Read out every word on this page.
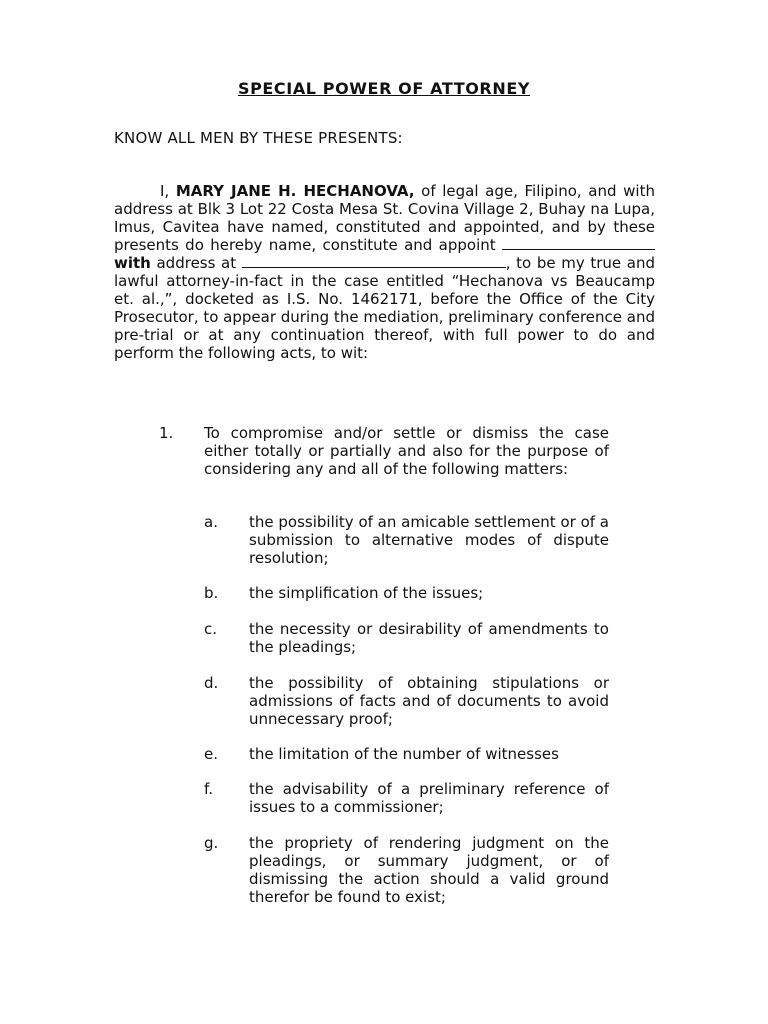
SPECIAL POWER OF ATTORNEY
KNOW ALL MEN BY THESE PRESENTS:
I, MARY JANE H. HECHANOVA, of legal age, Filipino, and with address at Blk 3 Lot 22 Costa Mesa St. Covina Village 2, Buhay na Lupa, Imus, Cavitea have named, constituted and appointed, and by these presents do hereby name, constitute and appoint  with address at	, to be my true and lawful attorney-in-fact in the case entitled “Hechanova vs Beaucamp et. al.,”, docketed as I.S. No. 1462171, before the Office of the City Prosecutor, to appear during the mediation, preliminary conference and pre-trial or at any continuation thereof, with full power to do and perform the following acts, to wit:
1. To compromise and/or settle or dismiss the case either totally or partially and also for the purpose of considering any and all of the following matters:
a. the possibility of an amicable settlement or of a submission to alternative modes of dispute resolution;
b. the simplification of the issues;
c. the necessity or desirability of amendments to the pleadings;
d. the possibility of obtaining stipulations or admissions of facts and of documents to avoid unnecessary proof;
e. the limitation of the number of witnesses
f. the advisability of a preliminary reference of issues to a commissioner;
g. the propriety of rendering judgment on the pleadings, or summary judgment, or of dismissing the action should a valid ground therefor be found to exist;
